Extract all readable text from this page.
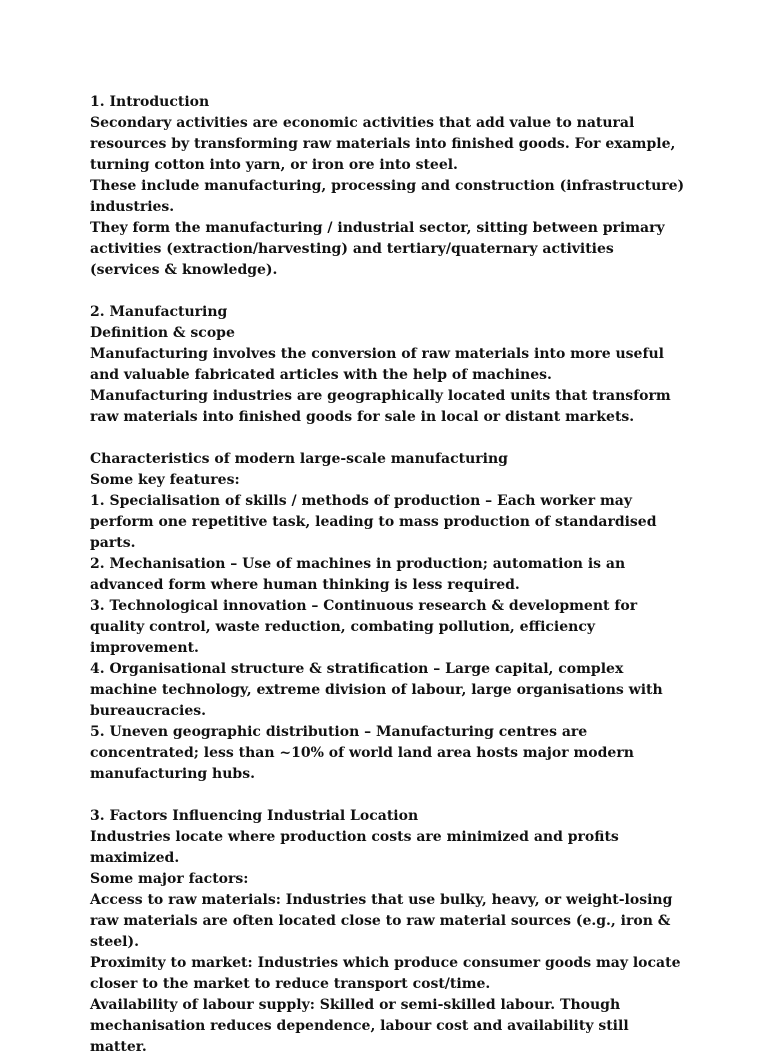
1. Introduction

Secondary activities are economic activities that add value to natural resources by transforming raw materials into finished goods. For example, turning cotton into yarn, or iron ore into steel.

These include manufacturing, processing and construction (infrastructure) industries.

They form the manufacturing / industrial sector, sitting between primary activities (extraction/harvesting) and tertiary/quaternary activities (services & knowledge).

2. Manufacturing

Definition & scope

Manufacturing involves the conversion of raw materials into more useful and valuable fabricated articles with the help of machines.

Manufacturing industries are geographically located units that transform raw materials into finished goods for sale in local or distant markets.

Characteristics of modern large-scale manufacturing

Some key features:

1. Specialisation of skills / methods of production – Each worker may perform one repetitive task, leading to mass production of standardised parts.

2. Mechanisation – Use of machines in production; automation is an advanced form where human thinking is less required.

3. Technological innovation – Continuous research & development for quality control, waste reduction, combating pollution, efficiency improvement.

4. Organisational structure & stratification – Large capital, complex machine technology, extreme division of labour, large organisations with bureaucracies.

5. Uneven geographic distribution – Manufacturing centres are concentrated; less than ~10% of world land area hosts major modern manufacturing hubs.

3. Factors Influencing Industrial Location

Industries locate where production costs are minimized and profits maximized.

Some major factors:

Access to raw materials: Industries that use bulky, heavy, or weight-losing raw materials are often located close to raw material sources (e.g., iron & steel).

Proximity to market: Industries which produce consumer goods may locate closer to the market to reduce transport cost/time.

Availability of labour supply: Skilled or semi-skilled labour. Though mechanisation reduces dependence, labour cost and availability still matter.
